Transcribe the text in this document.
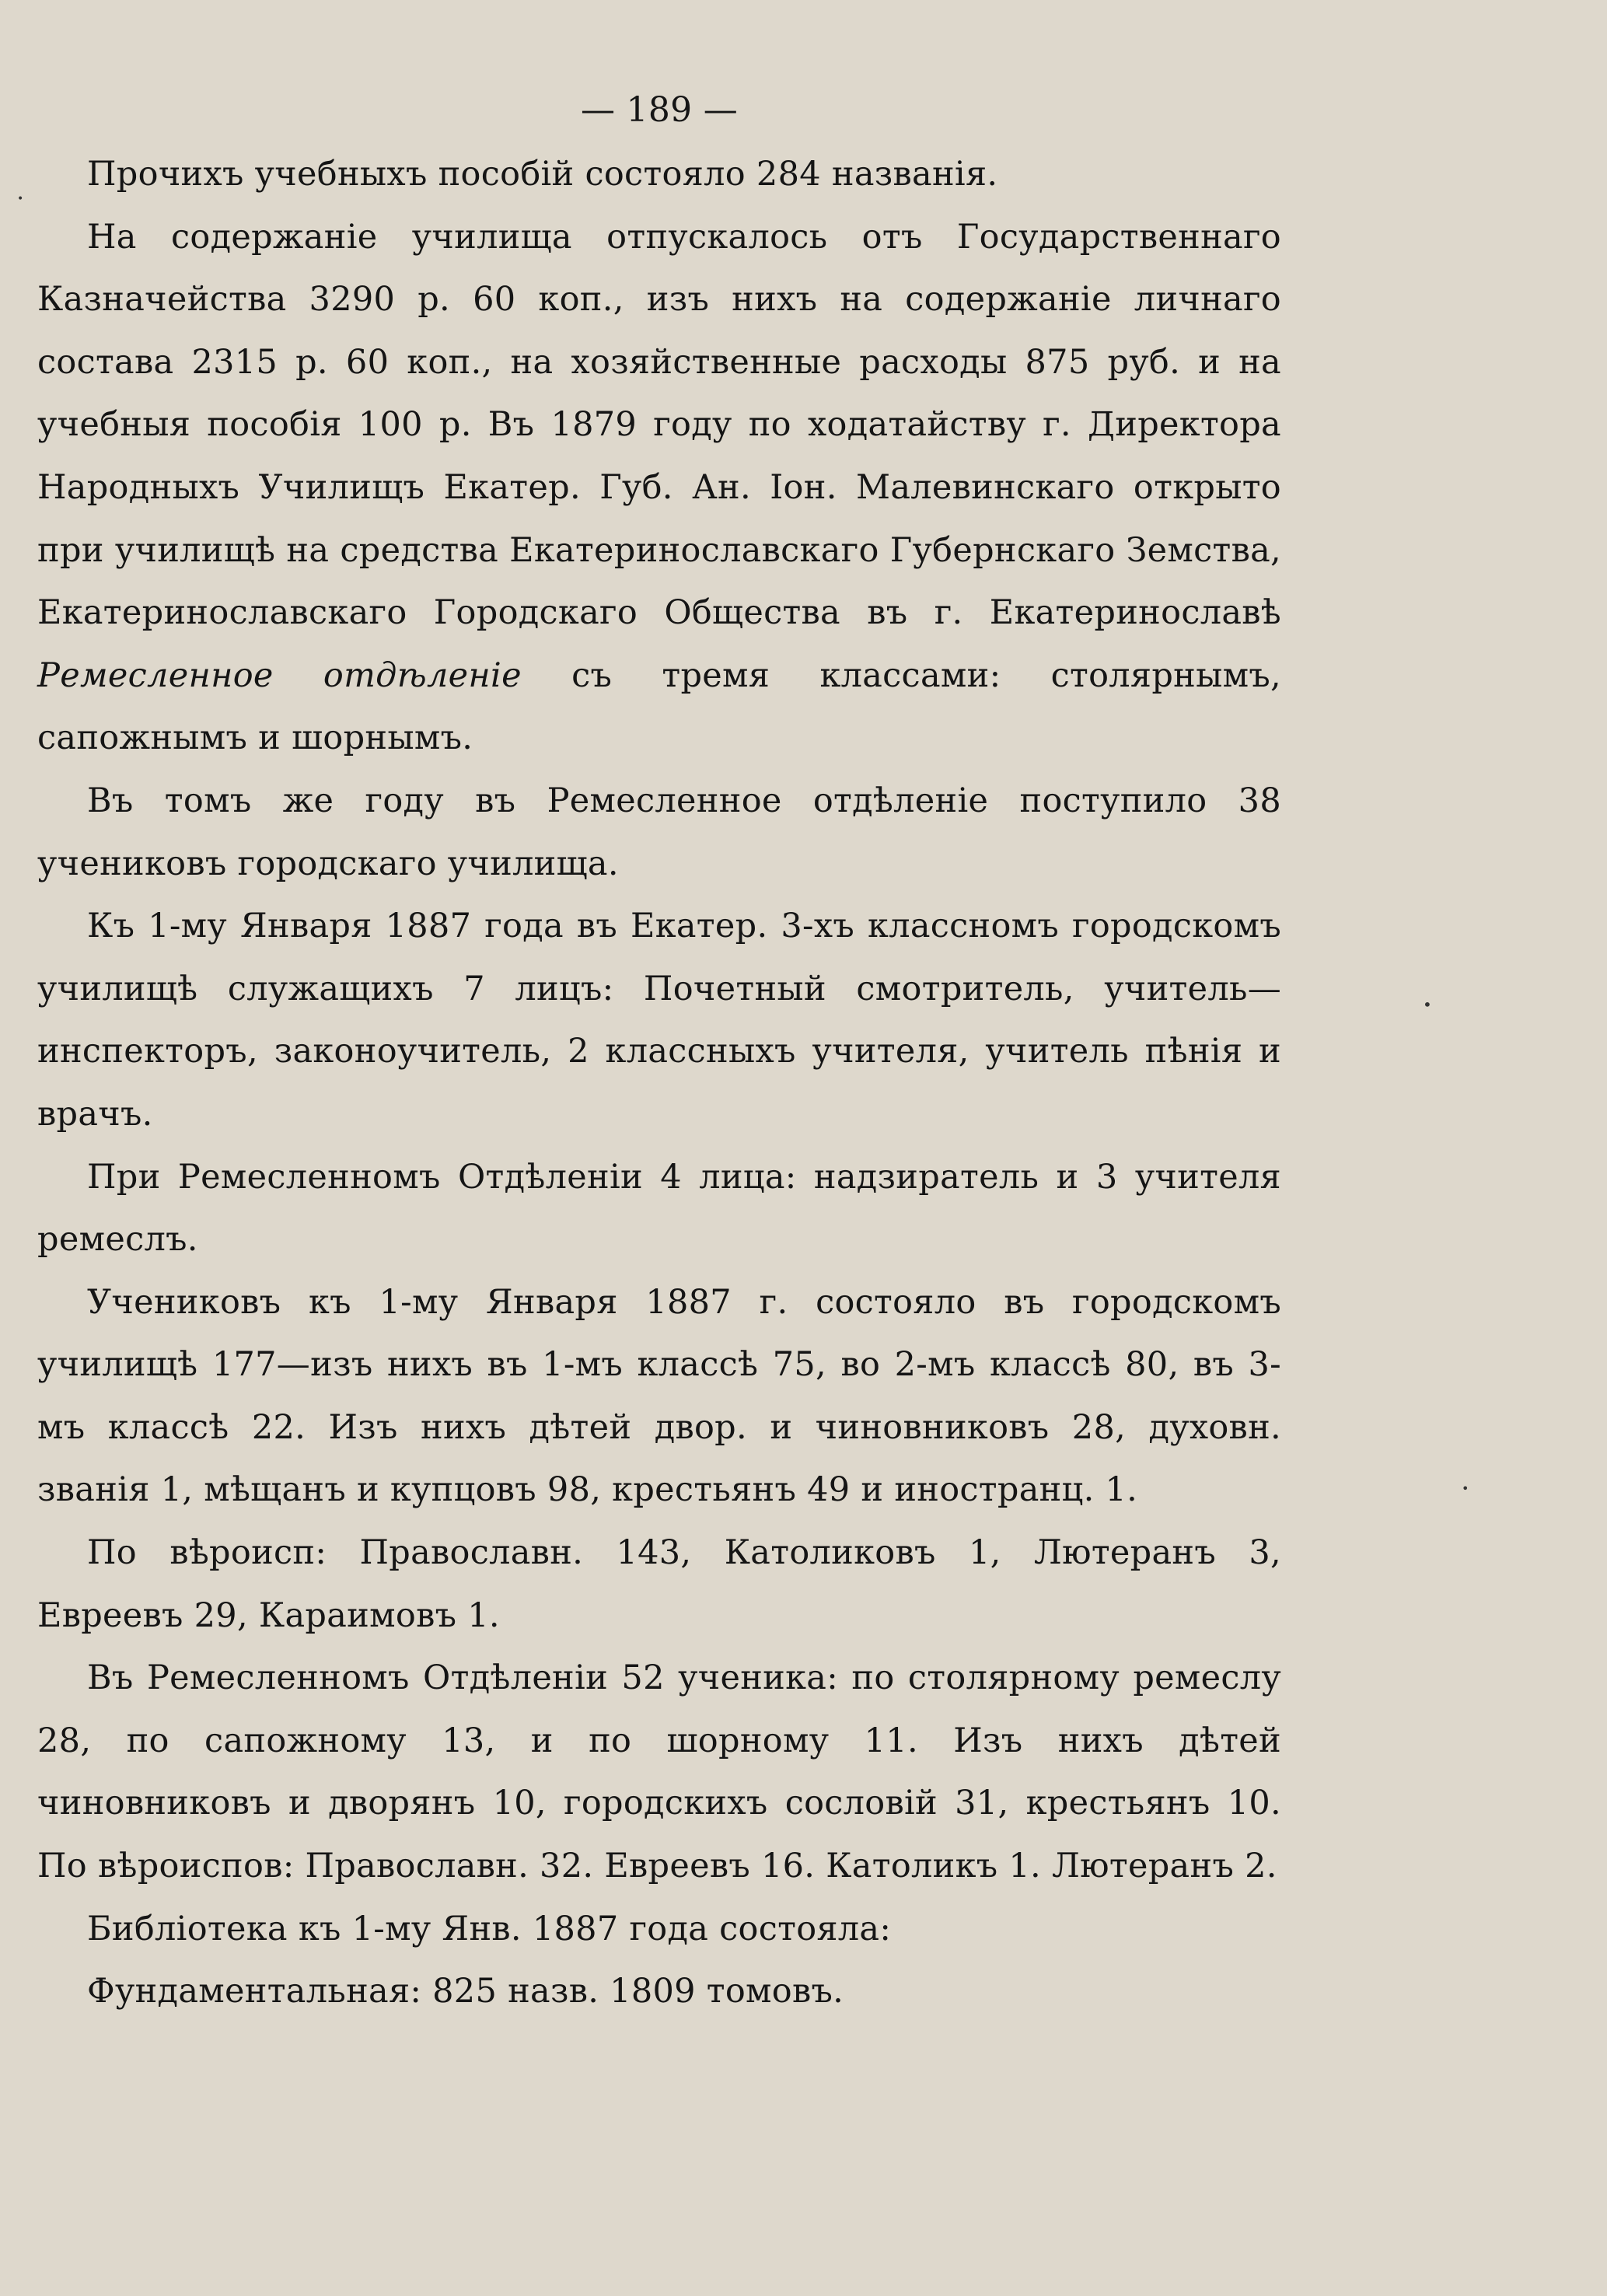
— 189 —

Прочихъ учебныхъ пособій состояло 284 названія.

На содержаніе училища отпускалось отъ Государственнаго Казначейства 3290 р. 60 коп., изъ нихъ на содержаніе личнаго состава 2315 р. 60 коп., на хозяйственные расходы 875 руб. и на учебныя пособія 100 р. Въ 1879 году по ходатайству г. Директора Народныхъ Училищъ Екатер. Губ. Ан. Іон. Малевинскаго открыто при училищѣ на средства Екатеринославскаго Губернскаго Земства, Екатеринославскаго Городскаго Общества въ г. Екатеринославѣ Ремесленное отдѣленіе съ тремя классами: столярнымъ, сапожнымъ и шорнымъ.

Въ томъ же году въ Ремесленное отдѣленіе поступило 38 учениковъ городскаго училища.

Къ 1-му Января 1887 года въ Екатер. 3-хъ классномъ городскомъ училищѣ служащихъ 7 лицъ: Почетный смотритель, учитель—инспекторъ, законоучитель, 2 классныхъ учителя, учитель пѣнія и врачъ.

При Ремесленномъ Отдѣленіи 4 лица: надзиратель и 3 учителя ремеслъ.

Учениковъ къ 1-му Января 1887 г. состояло въ городскомъ училищѣ 177—изъ нихъ въ 1-мъ классѣ 75, во 2-мъ классѣ 80, въ 3-мъ классѣ 22. Изъ нихъ дѣтей двор. и чиновниковъ 28, духовн. званія 1, мѣщанъ и купцовъ 98, крестьянъ 49 и иностранц. 1.

По вѣроисп: Православн. 143, Католиковъ 1, Лютеранъ 3, Евреевъ 29, Караимовъ 1.

Въ Ремесленномъ Отдѣленіи 52 ученика: по столярному ремеслу 28, по сапожному 13, и по шорному 11. Изъ нихъ дѣтей чиновниковъ и дворянъ 10, городскихъ сословій 31, крестьянъ 10. По вѣроиспов: Православн. 32. Евреевъ 16. Католикъ 1. Лютеранъ 2.

Библіотека къ 1-му Янв. 1887 года состояла:

Фундаментальная: 825 назв. 1809 томовъ.

•
•
•
